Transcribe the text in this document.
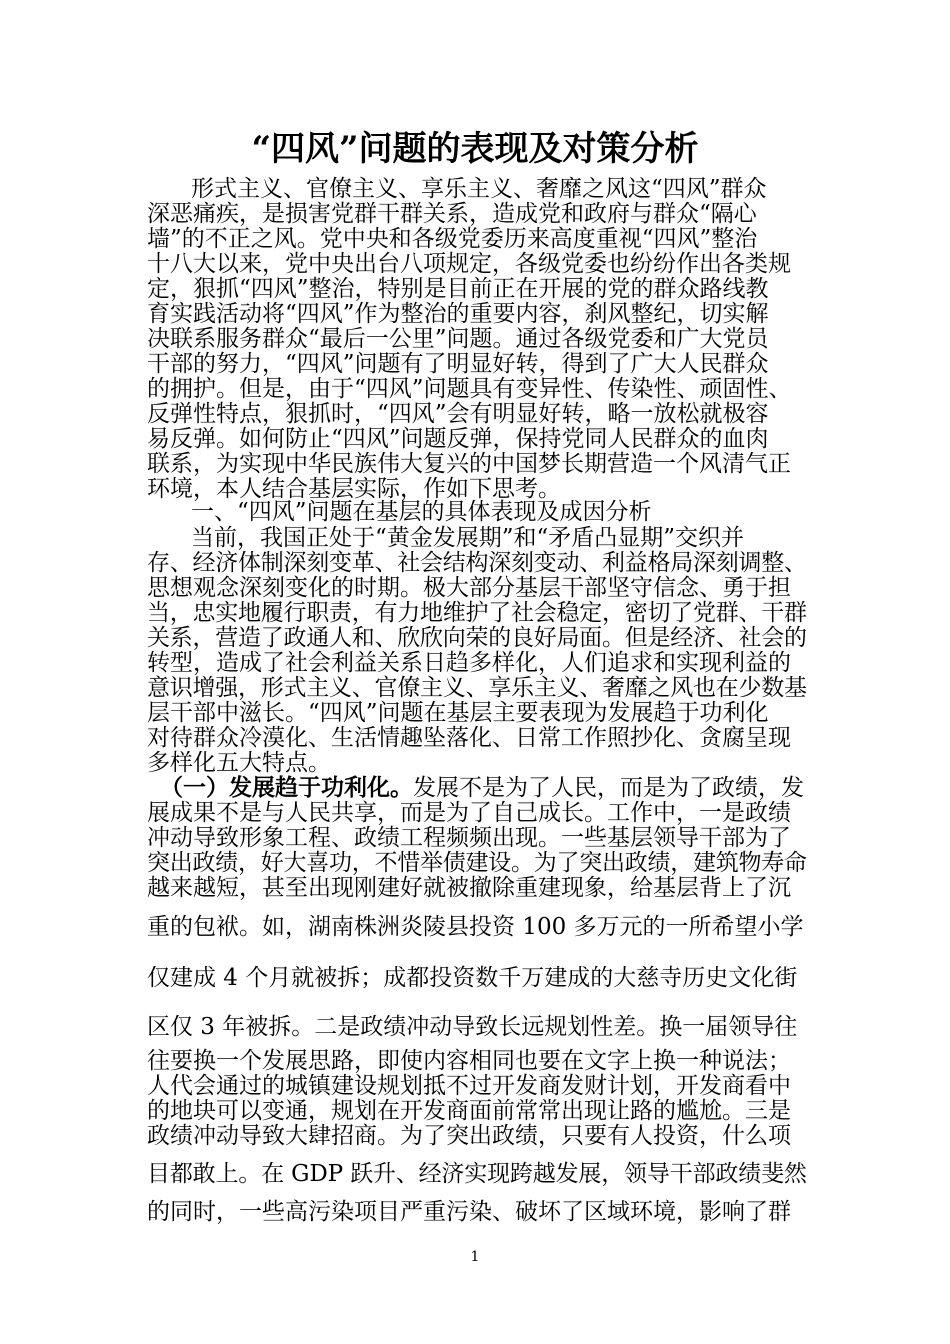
“四风”问题的表现及对策分析
形式主义、官僚主义、享乐主义、奢靡之风这“四风”群众
深恶痛疾，是损害党群干群关系，造成党和政府与群众“隔心
墙”的不正之风。党中央和各级党委历来高度重视“四风”整治
十八大以来，党中央出台八项规定，各级党委也纷纷作出各类规
定，狠抓“四风”整治，特别是目前正在开展的党的群众路线教
育实践活动将“四风”作为整治的重要内容，刹风整纪，切实解
决联系服务群众“最后一公里”问题。通过各级党委和广大党员
干部的努力，“四风”问题有了明显好转，得到了广大人民群众
的拥护。但是，由于“四风”问题具有变异性、传染性、顽固性、
反弹性特点，狠抓时，“四风”会有明显好转，略一放松就极容
易反弹。如何防止“四风”问题反弹，保持党同人民群众的血肉
联系，为实现中华民族伟大复兴的中国梦长期营造一个风清气正
环境，本人结合基层实际，作如下思考。
一、“四风”问题在基层的具体表现及成因分析
当前，我国正处于“黄金发展期”和“矛盾凸显期”交织并
存、经济体制深刻变革、社会结构深刻变动、利益格局深刻调整、
思想观念深刻变化的时期。极大部分基层干部坚守信念、勇于担
当，忠实地履行职责，有力地维护了社会稳定，密切了党群、干群
关系，营造了政通人和、欣欣向荣的良好局面。但是经济、社会的
转型，造成了社会利益关系日趋多样化，人们追求和实现利益的
意识增强，形式主义、官僚主义、享乐主义、奢靡之风也在少数基
层干部中滋长。“四风”问题在基层主要表现为发展趋于功利化
对待群众冷漠化、生活情趣坠落化、日常工作照抄化、贪腐呈现
多样化五大特点。
（一）发展趋于功利化。发展不是为了人民，而是为了政绩，发
展成果不是与人民共享，而是为了自己成长。工作中，一是政绩
冲动导致形象工程、政绩工程频频出现。一些基层领导干部为了
突出政绩，好大喜功，不惜举债建设。为了突出政绩，建筑物寿命
越来越短，甚至出现刚建好就被撤除重建现象，给基层背上了沉
重的包袱。如，湖南株洲炎陵县投资 100 多万元的一所希望小学
仅建成 4 个月就被拆；成都投资数千万建成的大慈寺历史文化街
区仅 3 年被拆。二是政绩冲动导致长远规划性差。换一届领导往
往要换一个发展思路，即使内容相同也要在文字上换一种说法；
人代会通过的城镇建设规划抵不过开发商发财计划，开发商看中
的地块可以变通，规划在开发商面前常常出现让路的尴尬。三是
政绩冲动导致大肆招商。为了突出政绩，只要有人投资，什么项
目都敢上。在 GDP 跃升、经济实现跨越发展，领导干部政绩斐然
的同时，一些高污染项目严重污染、破坏了区域环境，影响了群
1
